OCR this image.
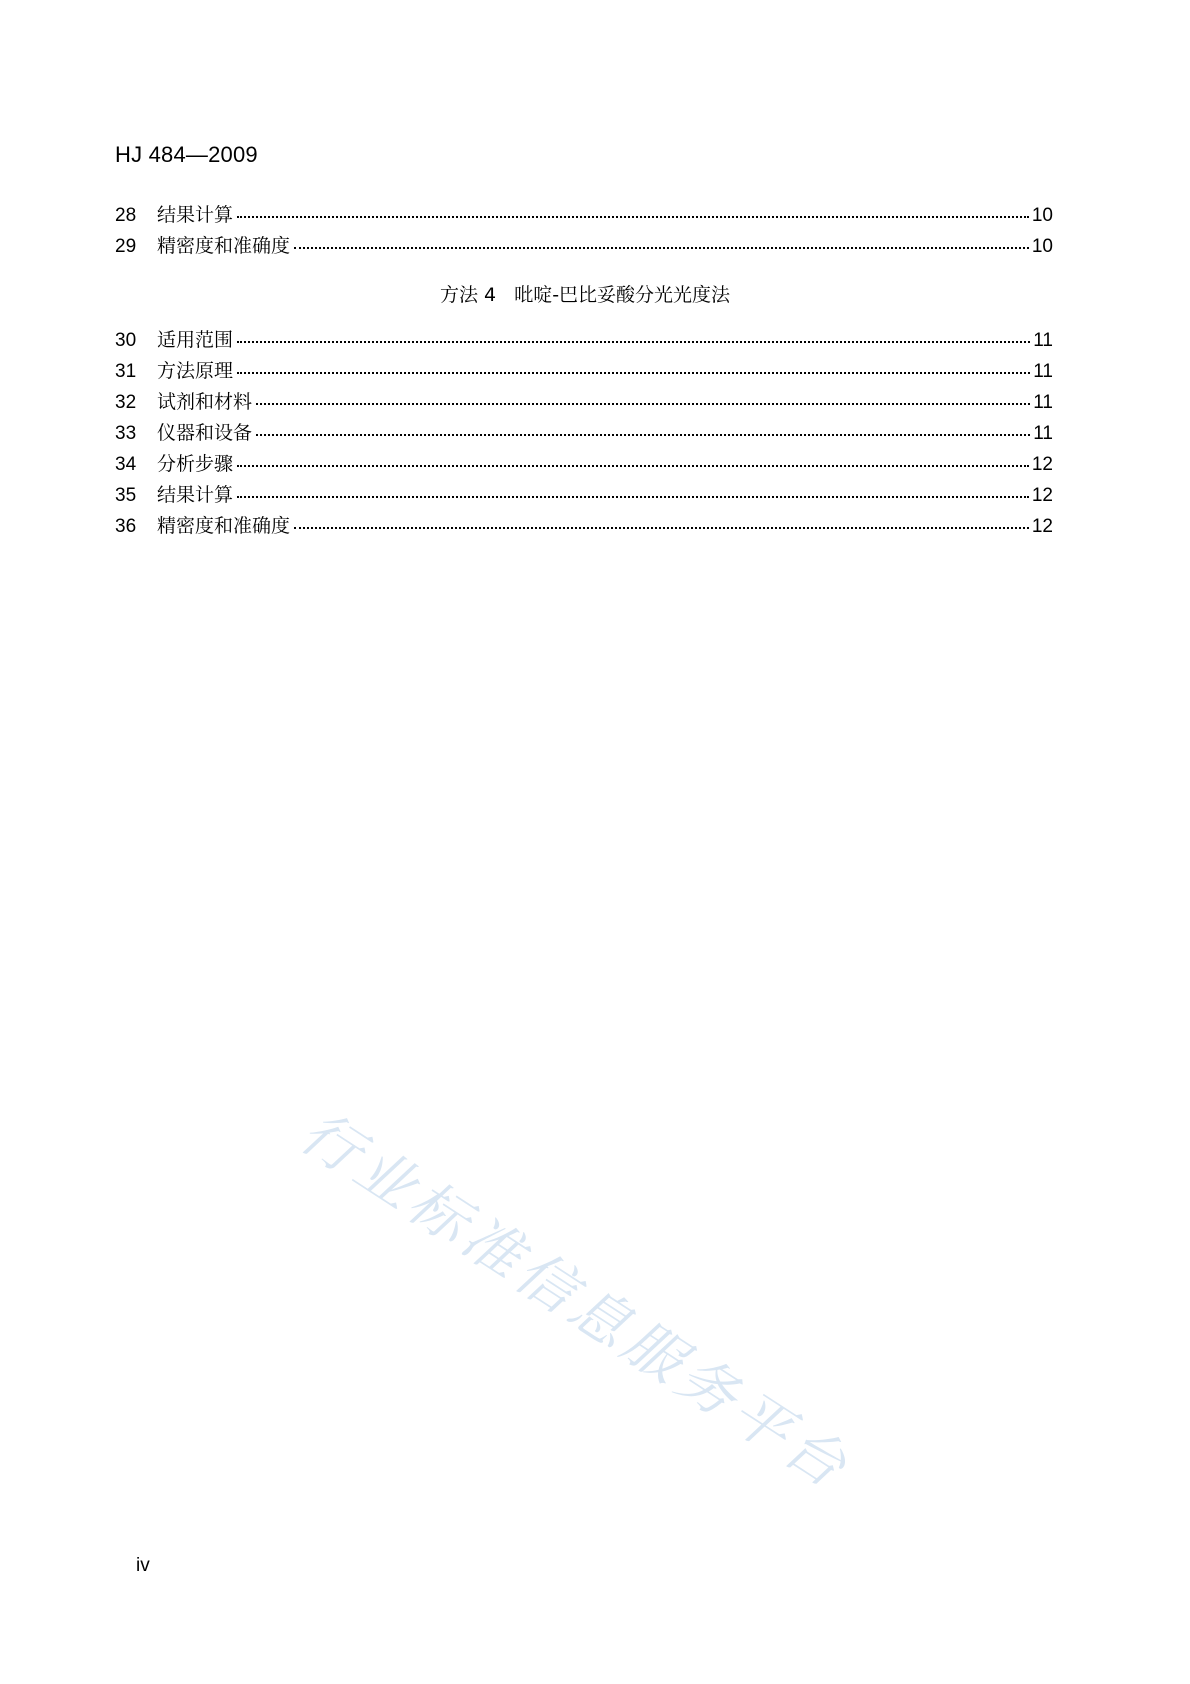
HJ 484—2009
28	结果计算	10
29	精密度和准确度	10
30	适用范围	11
31	方法原理	11
32	试剂和材料	11
33	仪器和设备	11
34	分析步骤	12
35	结果计算	12
36	精密度和准确度	12
方法 4 吡啶-巴比妥酸分光光度法
行业标准信息服务平台
iv
